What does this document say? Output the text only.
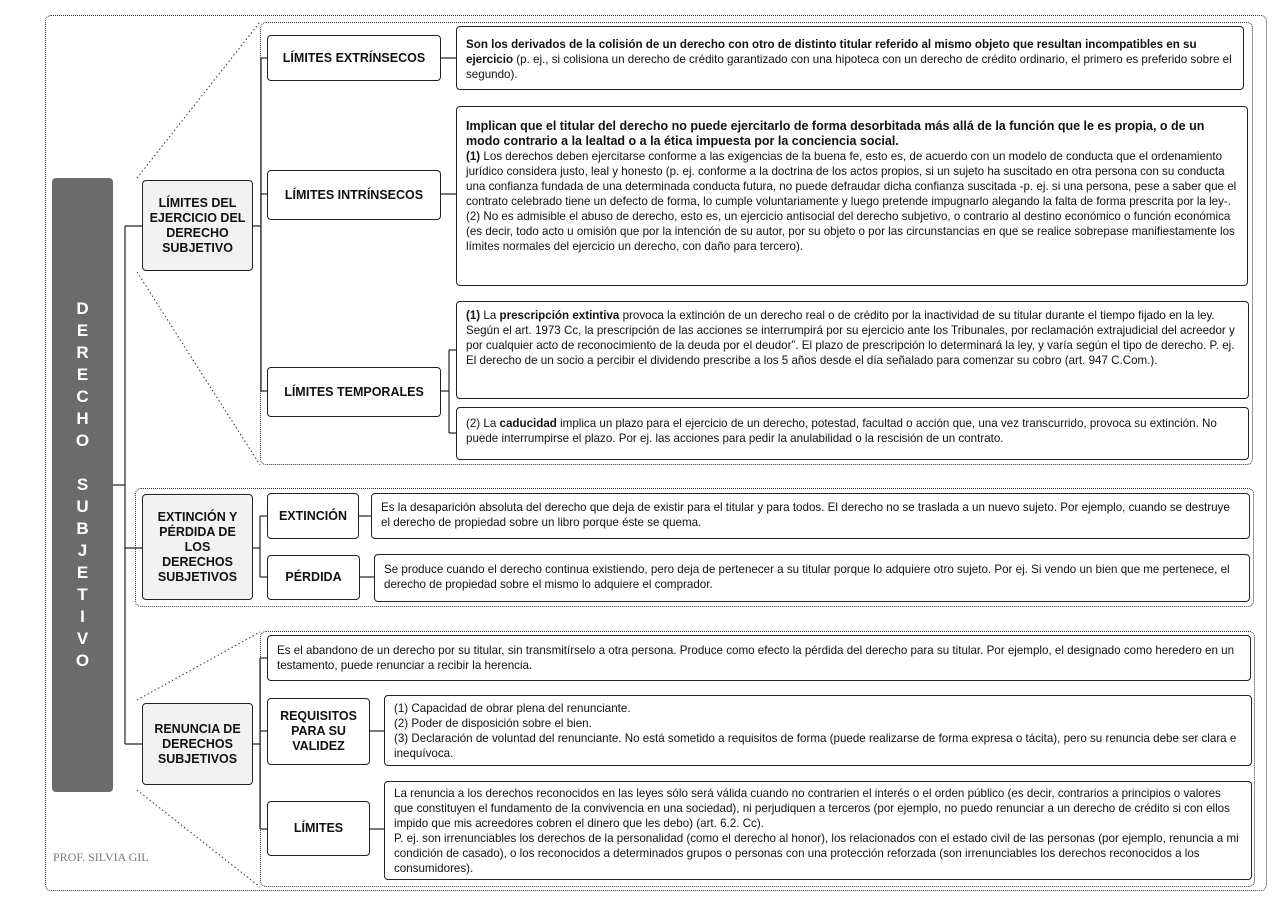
D
E
R
E
C
H
O
S
U
B
J
E
T
I
V
O
LÍMITES DEL EJERCICIO DEL DERECHO SUBJETIVO
LÍMITES EXTRÍNSECOS
Son los derivados de la colisión de un derecho con otro de distinto titular referido al mismo objeto que resultan incompatibles en su ejercicio (p. ej., si colisiona un derecho de crédito garantizado con una hipoteca con un derecho de crédito ordinario, el primero es preferido sobre el segundo).
LÍMITES INTRÍNSECOS

Implican que el titular del derecho no puede ejercitarlo de forma desorbitada más allá de la función que le es propia, o de un modo contrario a la lealtad o a la ética impuesta por la conciencia social.

(1) Los derechos deben ejercitarse conforme a las exigencias de la buena fe, esto es, de acuerdo con un modelo de conducta que el ordenamiento jurídico considera justo, leal y honesto (p. ej. conforme a la doctrina de los actos propios, si un sujeto ha suscitado en otra persona con su conducta una confianza fundada de una determinada conducta futura, no puede defraudar dicha confianza suscitada -p. ej. si una persona, pese a saber que el contrato celebrado tiene un defecto de forma, lo cumple voluntariamente y luego pretende impugnarlo alegando la falta de forma prescrita por la ley-.

(2) No es admisible el abuso de derecho, esto es, un ejercicio antisocial del derecho subjetivo, o contrario al destino económico o función económica (es decir, todo acto u omisión que por la intención de su autor, por su objeto o por las circunstancias en que se realice sobrepase manifiestamente los límites normales del ejercicio un derecho, con daño para tercero).

LÍMITES TEMPORALES
(1) La prescripción extintiva provoca la extinción de un derecho real o de crédito por la inactividad de su titular durante el tiempo fijado en la ley. Según el art. 1973 Cc, la prescripción de las acciones se interrumpirá por su ejercicio ante los Tribunales, por reclamación extrajudicial del acreedor y por cualquier acto de reconocimiento de la deuda por el deudor”. El plazo de prescripción lo determinará la ley, y varía según el tipo de derecho. P. ej. El derecho de un socio a percibir el dividendo prescribe a los 5 años desde el día señalado para comenzar su cobro (art. 947 C.Com.).
(2) La caducidad implica un plazo para el ejercicio de un derecho, potestad, facultad o acción que, una vez transcurrido, provoca su extinción. No puede interrumpirse el plazo. Por ej. las acciones para pedir la anulabilidad o la rescisión de un contrato.
EXTINCIÓN Y PÉRDIDA DE LOS DERECHOS SUBJETIVOS
EXTINCIÓN
Es la desaparición absoluta del derecho que deja de existir para el titular y para todos. El derecho no se traslada a un nuevo sujeto. Por ejemplo, cuando se destruye el derecho de propiedad sobre un libro porque éste se quema.
PÉRDIDA
Se produce cuando el derecho continua existiendo, pero deja de pertenecer a su titular porque lo adquiere otro sujeto. Por ej. Si vendo un bien que me pertenece, el derecho de propiedad sobre el mismo lo adquiere el comprador.
RENUNCIA DE DERECHOS SUBJETIVOS
Es el abandono de un derecho por su titular, sin transmitírselo a otra persona. Produce como efecto la pérdida del derecho para su titular. Por ejemplo, el designado como heredero en un testamento, puede renunciar a recibir la herencia.
REQUISITOS PARA SU VALIDEZ

(1) Capacidad de obrar plena del renunciante.

(2) Poder de disposición sobre el bien.

(3) Declaración de voluntad del renunciante. No está sometido a requisitos de forma (puede realizarse de forma expresa o tácita), pero su renuncia debe ser clara e inequívoca.

LÍMITES

La renuncia a los derechos reconocidos en las leyes sólo será válida cuando no contrarien el interés o el orden público (es decir, contrarios a principios o valores que constituyen el fundamento de la convivencia en una sociedad), ni perjudiquen a terceros (por ejemplo, no puedo renunciar a un derecho de crédito si con ellos impido que mis acreedores cobren el dinero que les debo) (art. 6.2. Cc).

P. ej. son irrenunciables los derechos de la personalidad (como el derecho al honor), los relacionados con el estado civil de las personas (por ejemplo, renuncia a mi condición de casado), o los reconocidos a determinados grupos o personas con una protección reforzada (son irrenunciables los derechos reconocidos a los consumidores).

PROF. SILVIA GIL
